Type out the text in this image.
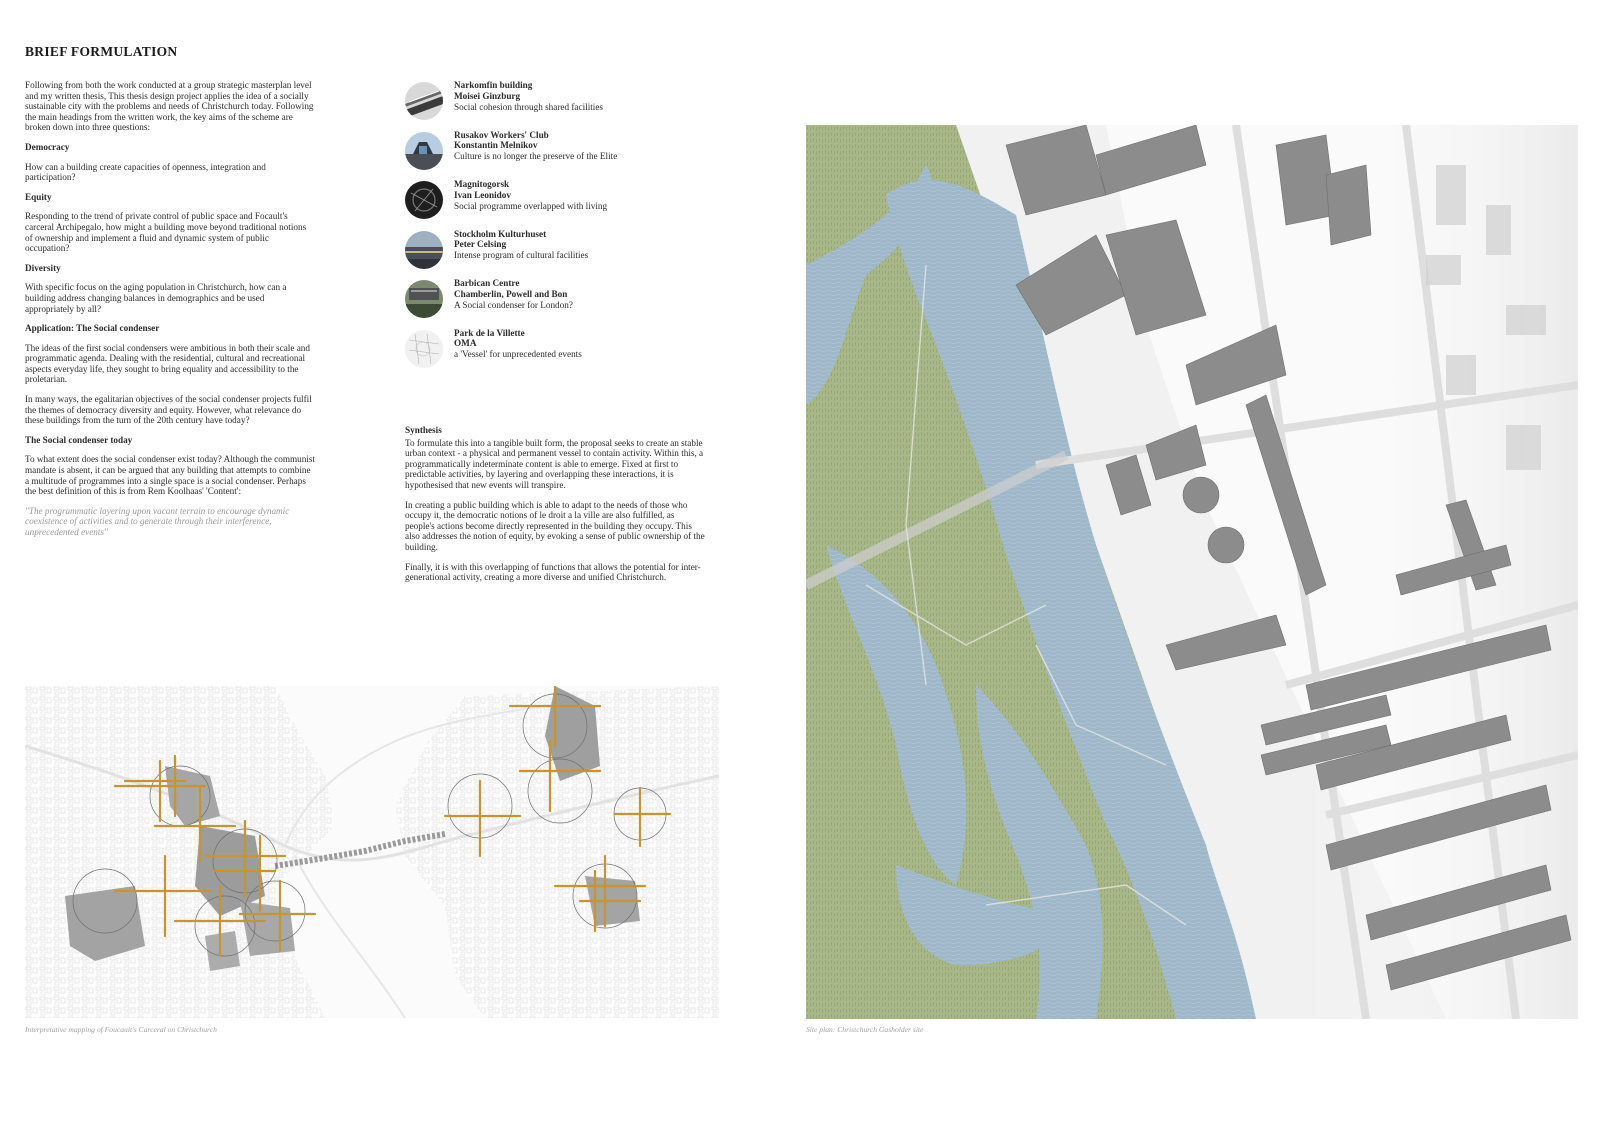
BRIEF FORMULATION

Following from both the work conducted at a group strategic masterplan level and my written thesis, This thesis design project applies the idea of a socially sustainable city with the problems and needs of Christchurch today. Following the main headings from the written work, the key aims of the scheme are broken down into three questions:

Democracy

How can a building create capacities of openness, integration and participation?

Equity

Responding to the trend of private control of public space and Focault's carceral Archipegalo, how might a building move beyond traditional notions of ownership and implement a fluid and dynamic system of public occupation?

Diversity

With specific focus on the aging population in Christchurch, how can a building address changing balances in demographics and be used appropriately by all?

Application: The Social condenser

The ideas of the first social condensers were ambitious in both their scale and programmatic agenda. Dealing with the residential, cultural and recreational aspects everyday life, they sought to bring equality and accessibility to the proletarian.

In many ways, the egalitarian objectives of the social condenser projects fulfil the themes of democracy diversity and equity. However, what relevance do these buildings from the turn of the 20th century have today?

The Social condenser today

To what extent does the social condenser exist today? Although the communist mandate is absent, it can be argued that any building that attempts to combine a multitude of programmes into a single space is a social condenser. Perhaps the best definition of this is from Rem Koolhaas' 'Content':

"The programmatic layering upon vacant terrain to encourage dynamic coexistence of activities and to generate through their interference, unprecedented events"

Narkomfin building
Moisei Ginzburg
Social cohesion through shared facilities
Rusakov Workers' Club
Konstantin Melnikov
Culture is no longer the preserve of the Elite
Magnitogorsk
Ivan Leonidov
Social programme overlapped with living
Stockholm Kulturhuset
Peter Celsing
Intense program of cultural facilities
Barbican Centre
Chamberlin, Powell and Bon
A Social condenser for London?
Park de la Villette
OMA
a 'Vessel' for unprecedented events

Synthesis

To formulate this into a tangible built form, the proposal seeks to create an stable urban context - a physical and permanent vessel to contain activity. Within this, a programmatically indeterminate content is able to emerge. Fixed at first to predictable activities, by layering and overlapping these interactions, it is hypothesised that new events will transpire.

In creating a public building which is able to adapt to the needs of those who occupy it, the democratic notions of le droit a la ville are also fulfilled, as people's actions become directly represented in the building they occupy. This also addresses the notion of equity, by evoking a sense of public ownership of the building.

Finally, it is with this overlapping of functions that allows the potential for inter-generational activity, creating a more diverse and unified Christchurch.

Interpretative mapping of Foucault's Carceral on Christchurch	Site plan: Christchurch Gasholder site
